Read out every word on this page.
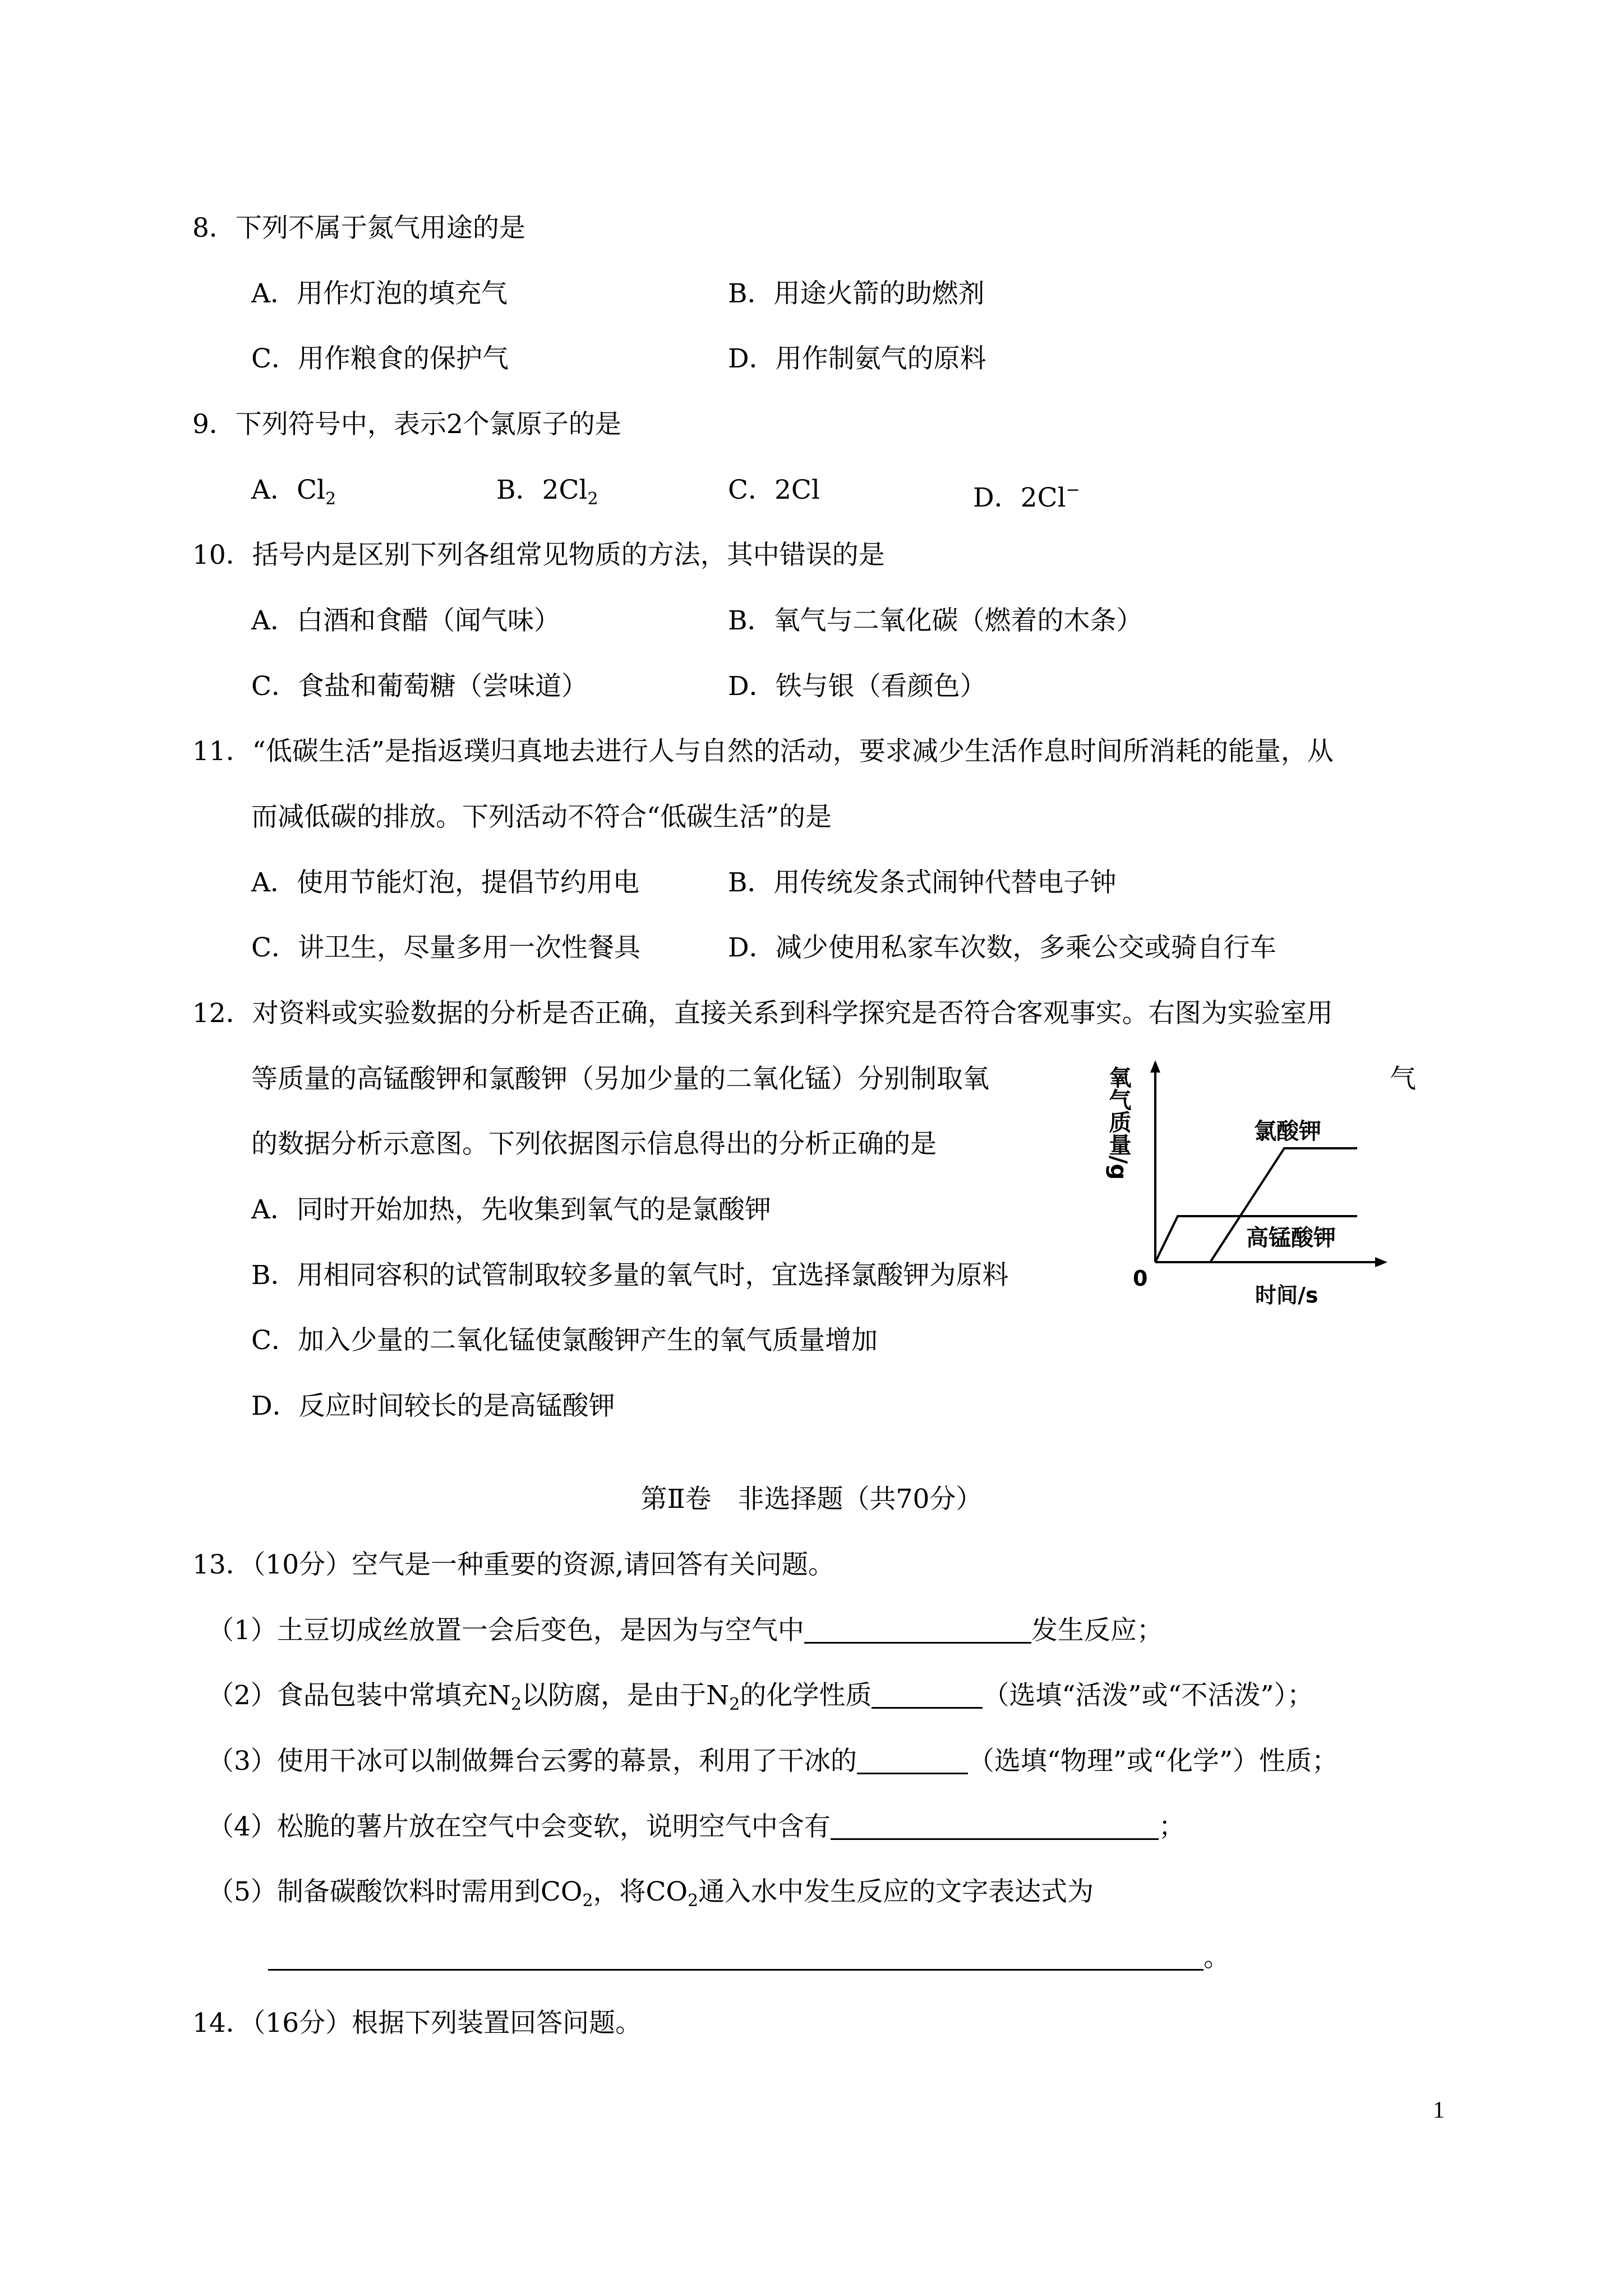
8．下列不属于氮气用途的是
A．用作灯泡的填充气	B．用途火箭的助燃剂
C．用作粮食的保护气	D．用作制氨气的原料
9．下列符号中，表示2个氯原子的是
A．$Cl_2$	B．$2Cl_2$	C．2Cl	D．2Cl−
10．括号内是区别下列各组常见物质的方法，其中错误的是
A．白酒和食醋（闻气味）	B．氧气与二氧化碳（燃着的木条）
C．食盐和葡萄糖（尝味道）	D．铁与银（看颜色）
11．“低碳生活”是指返璞归真地去进行人与自然的活动，要求减少生活作息时间所消耗的能量，从
而减低碳的排放。下列活动不符合“低碳生活”的是
A．使用节能灯泡，提倡节约用电	B．用传统发条式闹钟代替电子钟
C．讲卫生，尽量多用一次性餐具	D．减少使用私家车次数，多乘公交或骑自行车
12．对资料或实验数据的分析是否正确，直接关系到科学探究是否符合客观事实。右图为实验室用
等质量的高锰酸钾和氯酸钾（另加少量的二氧化锰）分别制取氧	气
的数据分析示意图。下列依据图示信息得出的分析正确的是
A．同时开始加热，先收集到氧气的是氯酸钾
B．用相同容积的试管制取较多量的氧气时，宜选择氯酸钾为原料
C．加入少量的二氧化锰使氯酸钾产生的氧气质量增加
D．反应时间较长的是高锰酸钾
氧气质量/g
0
时间/s
氯酸钾
高锰酸钾
第Ⅱ卷　非选择题（共70分）
13．（10分）空气是一种重要的资源,请回答有关问题。
（1）土豆切成丝放置一会后变色，是因为与空气中	发生反应；
（2）食品包装中常填充$N_2$以防腐，是由于$N_2$的化学性质	（选填“活泼”或“不活泼”）；
（3）使用干冰可以制做舞台云雾的幕景，利用了干冰的	（选填“物理”或“化学”）性质；
（4）松脆的薯片放在空气中会变软，说明空气中含有	；
（5）制备碳酸饮料时需用到$CO_2$，将$CO_2$通入水中发生反应的文字表达式为
。
14．（16分）根据下列装置回答问题。
1
